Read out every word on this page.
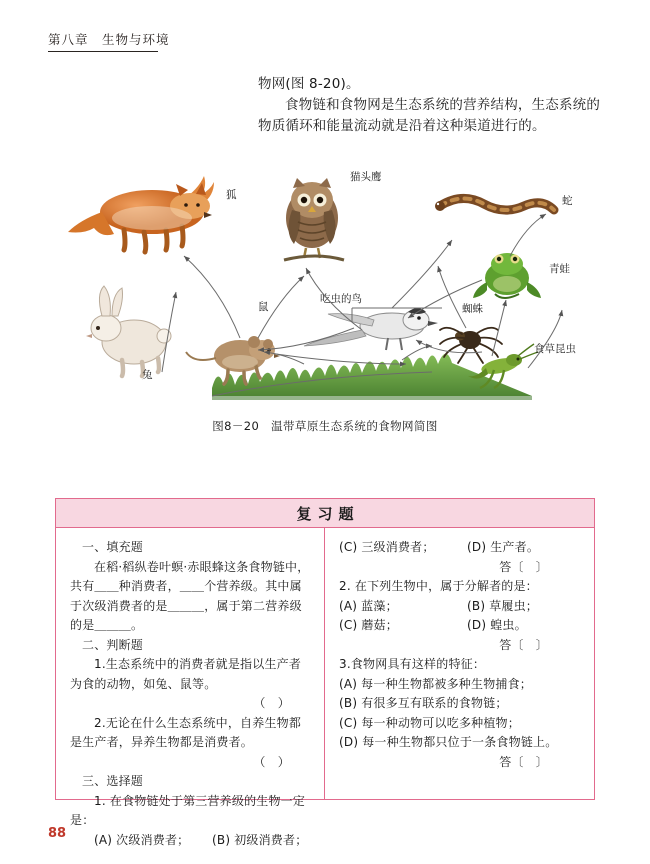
第八章　生物与环境

物网(图 8-20)。

食物链和食物网是生态系统的营养结构，生态系统的物质循环和能量流动就是沿着这种渠道进行的。

狐
猫头鹰
蛇
青蛙
吃虫的鸟
蜘蛛
食草昆虫
兔
鼠
图8－20　温带草原生态系统的食物网简图
复习题

一、填充题

在稻·稻纵卷叶螟·赤眼蜂这条食物链中，共有＿＿种消费者，＿＿个营养级。其中属于次级消费者的是＿＿＿，属于第二营养级的是＿＿＿。

二、判断题

1.生态系统中的消费者就是指以生产者为食的动物，如兔、鼠等。

（　）

2.无论在什么生态系统中，自养生物都是生产者，异养生物都是消费者。

（　）

三、选择题

1. 在食物链处于第三营养级的生物一定是：

(A) 次级消费者；	(B) 初级消费者；

(C) 三级消费者；	(D) 生产者。

答〔　〕

2. 在下列生物中，属于分解者的是：

(A) 蓝藻；	(B) 草履虫；

(C) 蘑菇；	(D) 蝗虫。

答〔　〕

3.食物网具有这样的特征：

(A) 每一种生物都被多种生物捕食；

(B) 有很多互有联系的食物链；

(C) 每一种动物可以吃多种植物；

(D) 每一种生物都只位于一条食物链上。

答〔　〕

88
